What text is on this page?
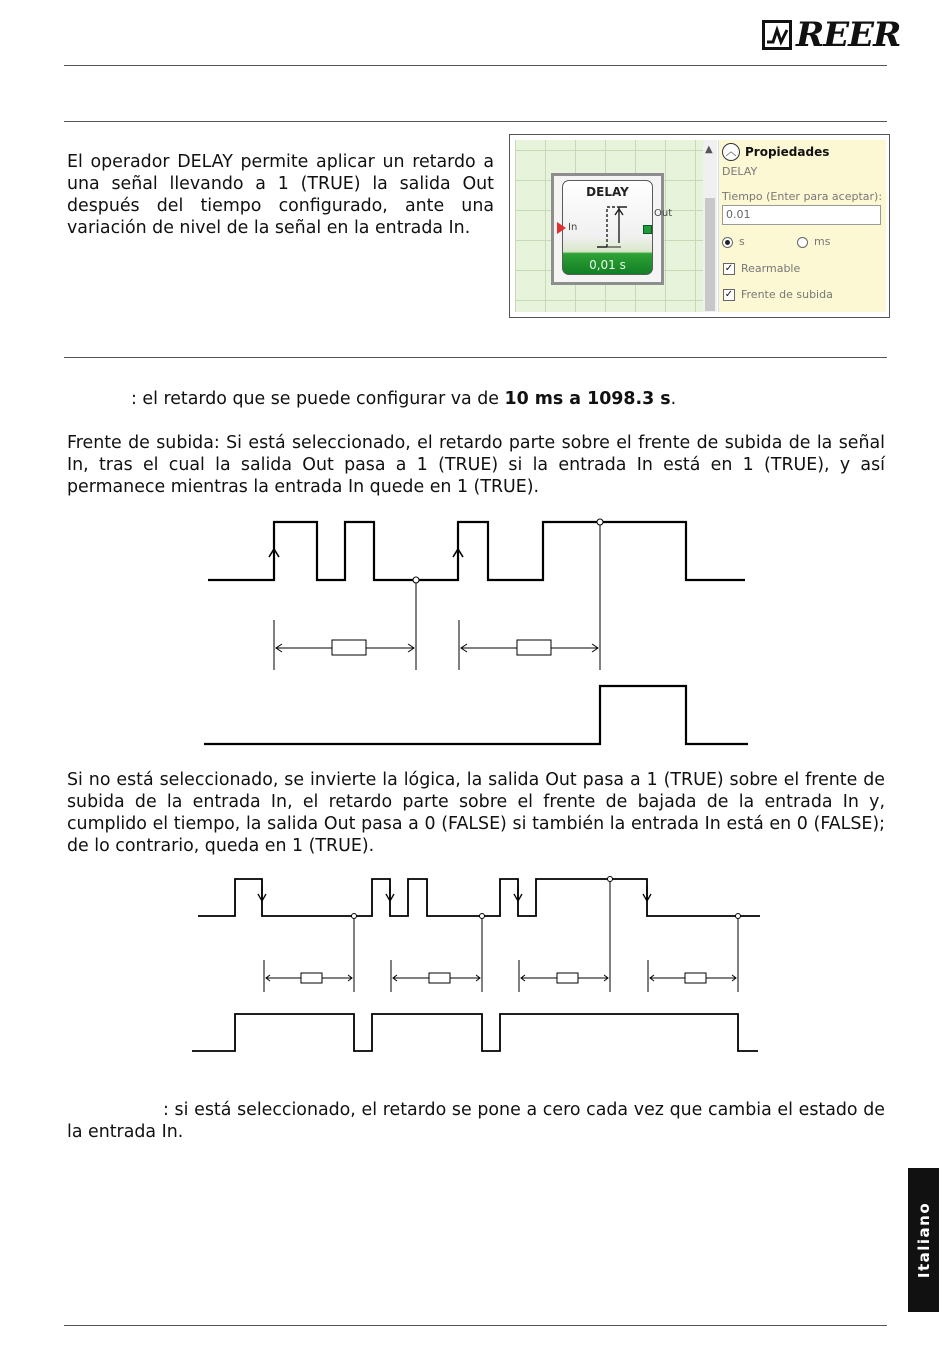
REER

El operador DELAY permite aplicar un retardo a una señal llevando a 1 (TRUE) la salida Out después del tiempo configurado, ante una variación de nivel de la señal en la entrada In.

DELAY
0,01 s
In
Out
▲	︿ Propiedades
DELAY
Tiempo (Enter para aceptar):
0.01
s	ms
✓ Rearmable
✓ Frente de subida

: el retardo que se puede configurar va de 10 ms a 1098.3 s.

Frente de subida: Si está seleccionado, el retardo parte sobre el frente de subida de la señal In, tras el cual la salida Out pasa a 1 (TRUE) si la entrada In está en 1 (TRUE), y así permanece mientras la entrada In quede en 1 (TRUE).

Si no está seleccionado, se invierte la lógica, la salida Out pasa a 1 (TRUE) sobre el frente de subida de la entrada In, el retardo parte sobre el frente de bajada de la entrada In y, cumplido el tiempo, la salida Out pasa a 0 (FALSE) si también la entrada In está en 0 (FALSE); de lo contrario, queda en 1 (TRUE).

: si está seleccionado, el retardo se pone a cero cada vez que cambia el estado de la entrada In.

Italiano
